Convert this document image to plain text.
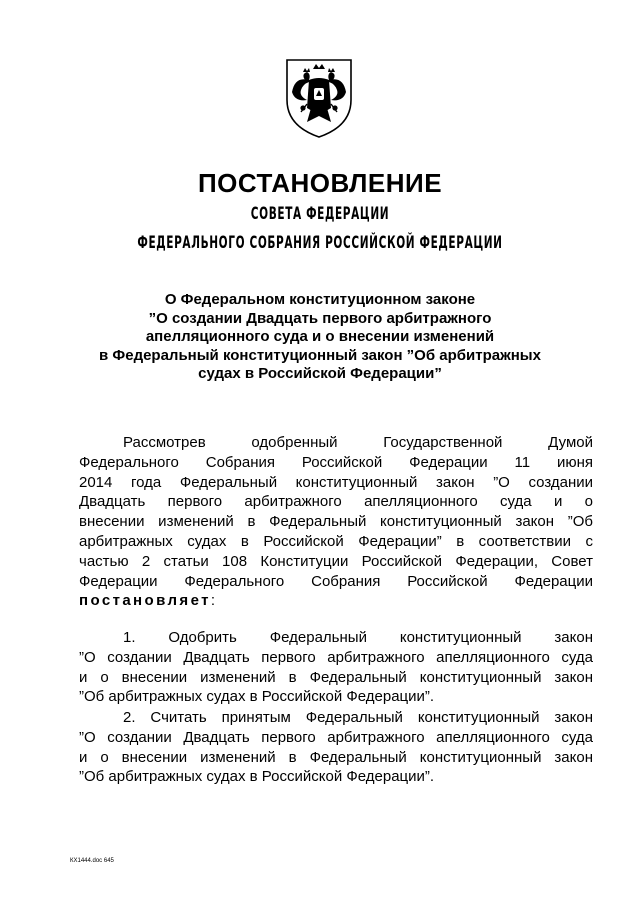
ПОСТАНОВЛЕНИЕ
СОВЕТА ФЕДЕРАЦИИ
ФЕДЕРАЛЬНОГО СОБРАНИЯ РОССИЙСКОЙ ФЕДЕРАЦИИ
О Федеральном конституционном законе
”О создании Двадцать первого арбитражного
апелляционного суда и о внесении изменений
в Федеральный конституционный закон ”Об арбитражных
судах в Российской Федерации”
Рассмотрев одобренный Государственной Думой
Федерального Собрания Российской Федерации 11 июня
2014 года Федеральный конституционный закон ”О создании
Двадцать первого арбитражного апелляционного суда и о
внесении изменений в Федеральный конституционный закон ”Об
арбитражных судах в Российской Федерации” в соответствии с
частью 2 статьи 108 Конституции Российской Федерации, Совет
Федерации Федерального Собрания Российской Федерации
постановляет:
1. Одобрить Федеральный конституционный закон
”О создании Двадцать первого арбитражного апелляционного суда
и о внесении изменений в Федеральный конституционный закон
”Об арбитражных судах в Российской Федерации”.
2. Считать принятым Федеральный конституционный закон
”О создании Двадцать первого арбитражного апелляционного суда
и о внесении изменений в Федеральный конституционный закон
”Об арбитражных судах в Российской Федерации”.
КХ1444.doc 645
